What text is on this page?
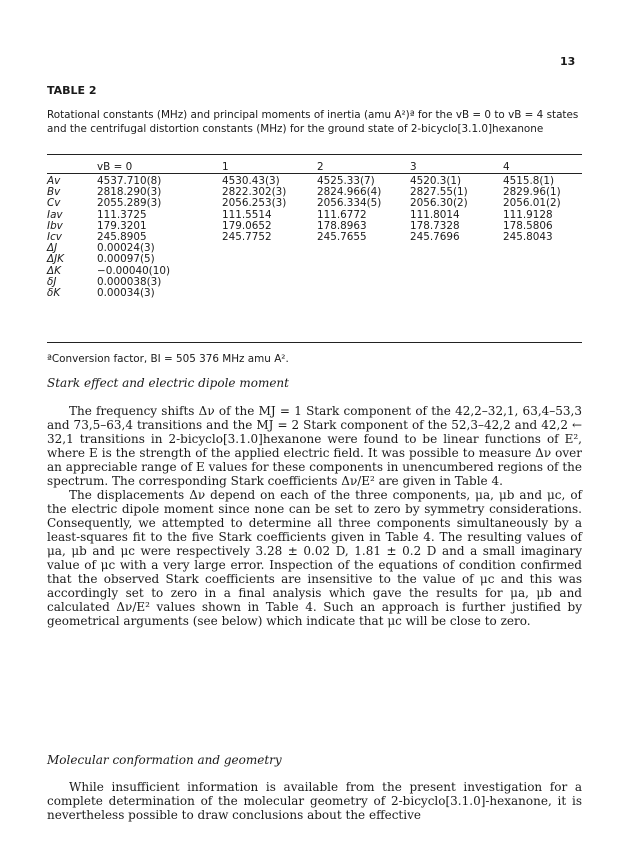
13
TABLE 2
Rotational constants (MHz) and principal moments of inertia (amu A²)ª for the vB = 0 to vB = 4 states and the centrifugal distortion constants (MHz) for the ground state of 2-bicyclo[3.1.0]hexanone
	vB = 0	1	2	3	4
Av	4537.710(8)	4530.43(3)	4525.33(7)	4520.3(1)	4515.8(1)
Bv	2818.290(3)	2822.302(3)	2824.966(4)	2827.55(1)	2829.96(1)
Cv	2055.289(3)	2056.253(3)	2056.334(5)	2056.30(2)	2056.01(2)
Iav	111.3725	111.5514	111.6772	111.8014	111.9128
Ibv	179.3201	179.0652	178.8963	178.7328	178.5806
Icv	245.8905	245.7752	245.7655	245.7696	245.8043
ΔJ	0.00024(3)				
ΔJK	0.00097(5)				
ΔK	−0.00040(10)				
δJ	0.000038(3)				
δK	0.00034(3)				
ªConversion factor, BI = 505 376 MHz amu A².
Stark effect and electric dipole moment

The frequency shifts Δν of the MJ = 1 Stark component of the 42,2–32,1, 63,4–53,3 and 73,5–63,4 transitions and the MJ = 2 Stark component of the 52,3–42,2 and 42,2 ← 32,1 transitions in 2-bicyclo[3.1.0]hexanone were found to be linear functions of E², where E is the strength of the applied electric field. It was possible to measure Δν over an appreciable range of E values for these components in unencumbered regions of the spectrum. The corresponding Stark coefficients Δν/E² are given in Table 4.

The displacements Δν depend on each of the three components, μa, μb and μc, of the electric dipole moment since none can be set to zero by symmetry considerations. Consequently, we attempted to determine all three components simultaneously by a least-squares fit to the five Stark coefficients given in Table 4. The resulting values of μa, μb and μc were respectively 3.28 ± 0.02 D, 1.81 ± 0.2 D and a small imaginary value of μc with a very large error. Inspection of the equations of condition confirmed that the observed Stark coefficients are insensitive to the value of μc and this was accordingly set to zero in a final analysis which gave the results for μa, μb and calculated Δν/E² values shown in Table 4. Such an approach is further justified by geometrical arguments (see below) which indicate that μc will be close to zero.

Molecular conformation and geometry

While insufficient information is available from the present investigation for a complete determination of the molecular geometry of 2-bicyclo[3.1.0]-hexanone, it is nevertheless possible to draw conclusions about the effective
